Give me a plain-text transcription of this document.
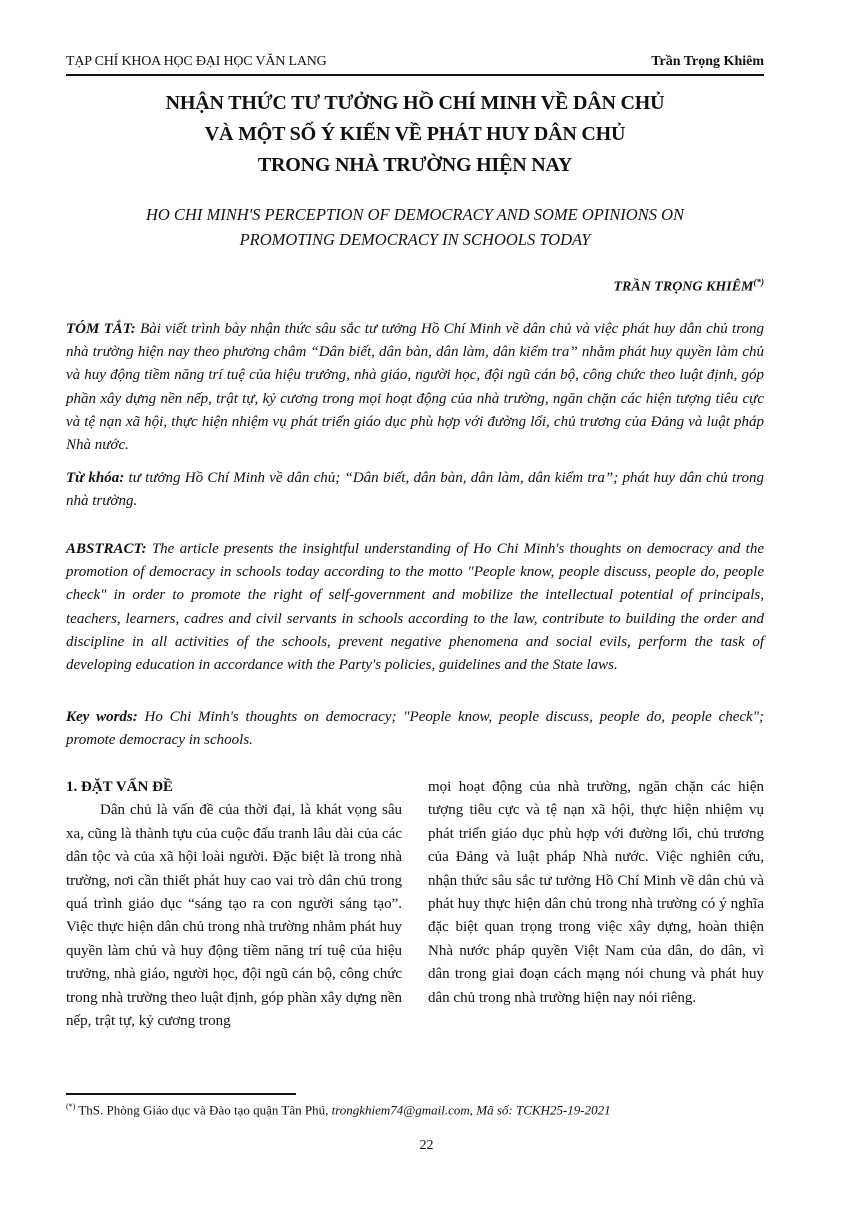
TẠP CHÍ KHOA HỌC ĐẠI HỌC VĂN LANG	Trần Trọng Khiêm
NHẬN THỨC TƯ TƯỞNG HỒ CHÍ MINH VỀ DÂN CHỦ
VÀ MỘT SỐ Ý KIẾN VỀ PHÁT HUY DÂN CHỦ
TRONG NHÀ TRƯỜNG HIỆN NAY
HO CHI MINH'S PERCEPTION OF DEMOCRACY AND SOME OPINIONS ON
PROMOTING DEMOCRACY IN SCHOOLS TODAY
TRẦN TRỌNG KHIÊM(*)
TÓM TẮT: Bài viết trình bày nhận thức sâu sắc tư tưởng Hồ Chí Minh về dân chủ và việc phát huy dân chủ trong nhà trường hiện nay theo phương châm “Dân biết, dân bàn, dân làm, dân kiểm tra” nhằm phát huy quyền làm chủ và huy động tiềm năng trí tuệ của hiệu trưởng, nhà giáo, người học, đội ngũ cán bộ, công chức theo luật định, góp phần xây dựng nền nếp, trật tự, kỷ cương trong mọi hoạt động của nhà trường, ngăn chặn các hiện tượng tiêu cực và tệ nạn xã hội, thực hiện nhiệm vụ phát triển giáo dục phù hợp với đường lối, chủ trương của Đảng và luật pháp Nhà nước.
Từ khóa: tư tưởng Hồ Chí Minh về dân chủ; “Dân biết, dân bàn, dân làm, dân kiểm tra”; phát huy dân chủ trong nhà trường.
ABSTRACT: The article presents the insightful understanding of Ho Chi Minh's thoughts on democracy and the promotion of democracy in schools today according to the motto "People know, people discuss, people do, people check" in order to promote the right of self-government and mobilize the intellectual potential of principals, teachers, learners, cadres and civil servants in schools according to the law, contribute to building the order and discipline in all activities of the schools, prevent negative phenomena and social evils, perform the task of developing education in accordance with the Party's policies, guidelines and the State laws.
Key words: Ho Chi Minh's thoughts on democracy; "People know, people discuss, people do, people check"; promote democracy in schools.
1. ĐẶT VẤN ĐỀ
Dân chủ là vấn đề của thời đại, là khát vọng sâu xa, cũng là thành tựu của cuộc đấu tranh lâu dài của các dân tộc và của xã hội loài người. Đặc biệt là trong nhà trường, nơi cần thiết phát huy cao vai trò dân chủ trong quá trình giáo dục “sáng tạo ra con người sáng tạo”. Việc thực hiện dân chủ trong nhà trường nhằm phát huy quyền làm chủ và huy động tiềm năng trí tuệ của hiệu trưởng, nhà giáo, người học, đội ngũ cán bộ, công chức trong nhà trường theo luật định, góp phần xây dựng nền nếp, trật tự, kỷ cương trong
mọi hoạt động của nhà trường, ngăn chặn các hiện tượng tiêu cực và tệ nạn xã hội, thực hiện nhiệm vụ phát triển giáo dục phù hợp với đường lối, chủ trương của Đảng và luật pháp Nhà nước. Việc nghiên cứu, nhận thức sâu sắc tư tưởng Hồ Chí Minh về dân chủ và phát huy thực hiện dân chủ trong nhà trường có ý nghĩa đặc biệt quan trọng trong việc xây dựng, hoàn thiện Nhà nước pháp quyền Việt Nam của dân, do dân, vì dân trong giai đoạn cách mạng nói chung và phát huy dân chủ trong nhà trường hiện nay nói riêng.
(*) ThS. Phòng Giáo dục và Đào tạo quận Tân Phú, trongkhiem74@gmail.com, Mã số: TCKH25-19-2021
22
